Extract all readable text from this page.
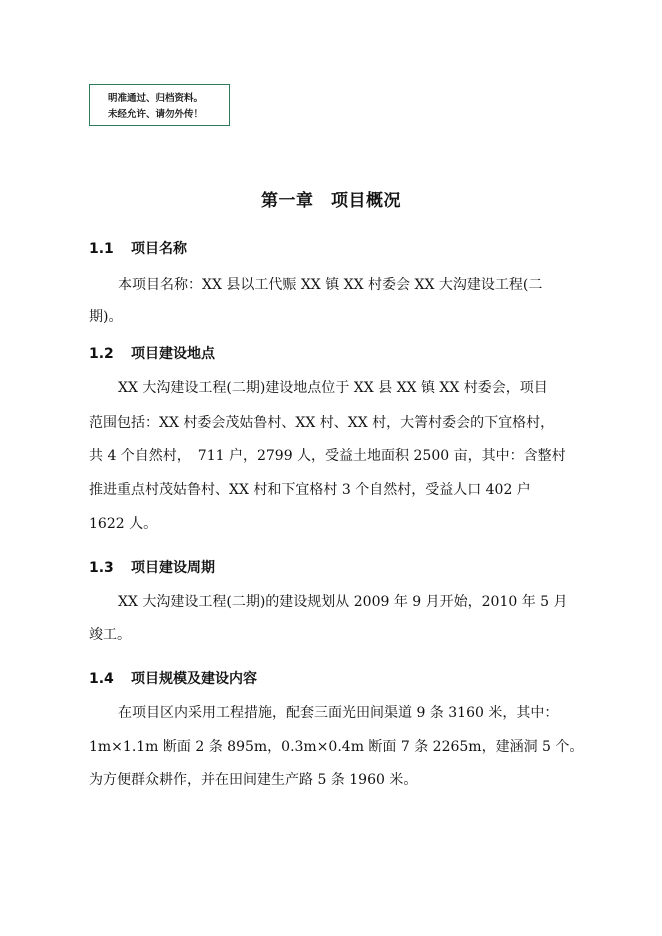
明准通过、归档资料。
未经允许、请勿外传！
第一章　项目概况
1.1 项目名称
本项目名称：XX 县以工代赈 XX 镇 XX 村委会 XX 大沟建设工程(二
期)。
1.2 项目建设地点
XX 大沟建设工程(二期)建设地点位于 XX 县 XX 镇 XX 村委会，项目
范围包括：XX 村委会茂姑鲁村、XX 村、XX 村，大箐村委会的下宜格村，
共 4 个自然村，　711 户，2799 人，受益土地面积 2500 亩，其中：含整村
推进重点村茂姑鲁村、XX 村和下宜格村 3 个自然村，受益人口 402 户
1622 人。
1.3 项目建设周期
XX 大沟建设工程(二期)的建设规划从 2009 年 9 月开始，2010 年 5 月
竣工。
1.4 项目规模及建设内容
在项目区内采用工程措施，配套三面光田间渠道 9 条 3160 米，其中：
1m×1.1m 断面 2 条 895m，0.3m×0.4m 断面 7 条 2265m，建涵洞 5 个。
为方便群众耕作，并在田间建生产路 5 条 1960 米。
